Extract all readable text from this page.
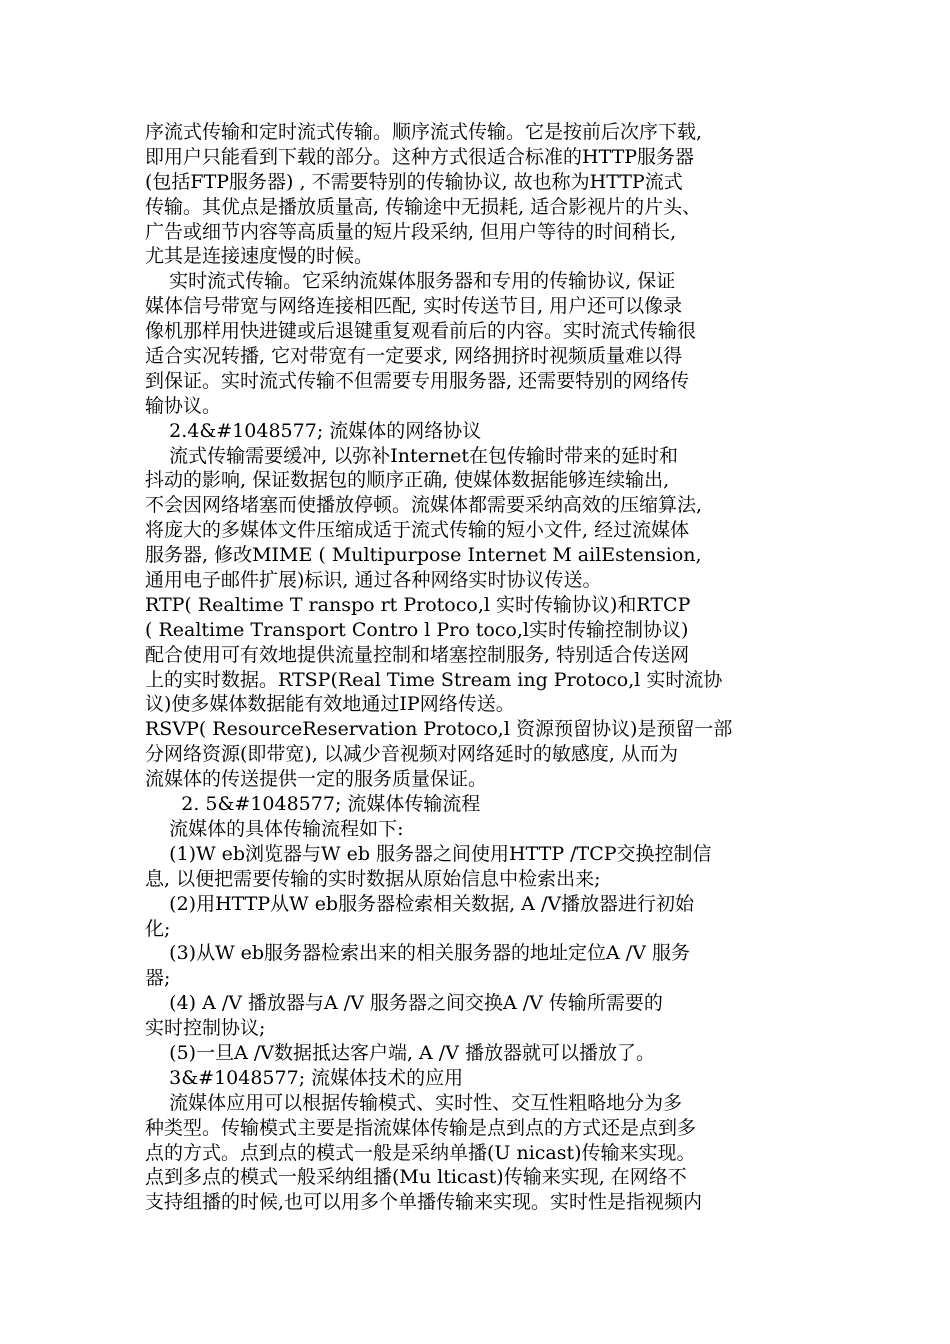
序流式传输和定时流式传输。顺序流式传输。它是按前后次序下载,
即用户只能看到下载的部分。这种方式很适合标准的HTTP服务器
(包括FTP服务器) , 不需要特别的传输协议, 故也称为HTTP流式
传输。其优点是播放质量高, 传输途中无损耗, 适合影视片的片头、
广告或细节内容等高质量的短片段采纳, 但用户等待的时间稍长,
尤其是连接速度慢的时候。
实时流式传输。它采纳流媒体服务器和专用的传输协议, 保证
媒体信号带宽与网络连接相匹配, 实时传送节目, 用户还可以像录
像机那样用快进键或后退键重复观看前后的内容。实时流式传输很
适合实况转播, 它对带宽有一定要求, 网络拥挤时视频质量难以得
到保证。实时流式传输不但需要专用服务器, 还需要特别的网络传
输协议。
2.4&#1048577; 流媒体的网络协议
流式传输需要缓冲, 以弥补Internet在包传输时带来的延时和
抖动的影响, 保证数据包的顺序正确, 使媒体数据能够连续输出,
不会因网络堵塞而使播放停顿。流媒体都需要采纳高效的压缩算法,
将庞大的多媒体文件压缩成适于流式传输的短小文件, 经过流媒体
服务器, 修改MIME ( Multipurpose Internet M ailEstension,
通用电子邮件扩展)标识, 通过各种网络实时协议传送。
RTP( Realtime T ranspo rt Protoco,l 实时传输协议)和RTCP
( Realtime Transport Contro l Pro toco,l实时传输控制协议)
配合使用可有效地提供流量控制和堵塞控制服务, 特别适合传送网
上的实时数据。RTSP(Real Time Stream ing Protoco,l 实时流协
议)使多媒体数据能有效地通过IP网络传送。
RSVP( ResourceReservation Protoco,l 资源预留协议)是预留一部
分网络资源(即带宽), 以减少音视频对网络延时的敏感度, 从而为
流媒体的传送提供一定的服务质量保证。
2. 5&#1048577; 流媒体传输流程
流媒体的具体传输流程如下:
(1)W eb浏览器与W eb 服务器之间使用HTTP /TCP交换控制信
息, 以便把需要传输的实时数据从原始信息中检索出来;
(2)用HTTP从W eb服务器检索相关数据, A /V播放器进行初始
化;
(3)从W eb服务器检索出来的相关服务器的地址定位A /V 服务
器;
(4) A /V 播放器与A /V 服务器之间交换A /V 传输所需要的
实时控制协议;
(5)一旦A /V数据抵达客户端, A /V 播放器就可以播放了。
3&#1048577; 流媒体技术的应用
流媒体应用可以根据传输模式、实时性、交互性粗略地分为多
种类型。传输模式主要是指流媒体传输是点到点的方式还是点到多
点的方式。点到点的模式一般是采纳单播(U nicast)传输来实现。
点到多点的模式一般采纳组播(Mu lticast)传输来实现, 在网络不
支持组播的时候,也可以用多个单播传输来实现。实时性是指视频内
